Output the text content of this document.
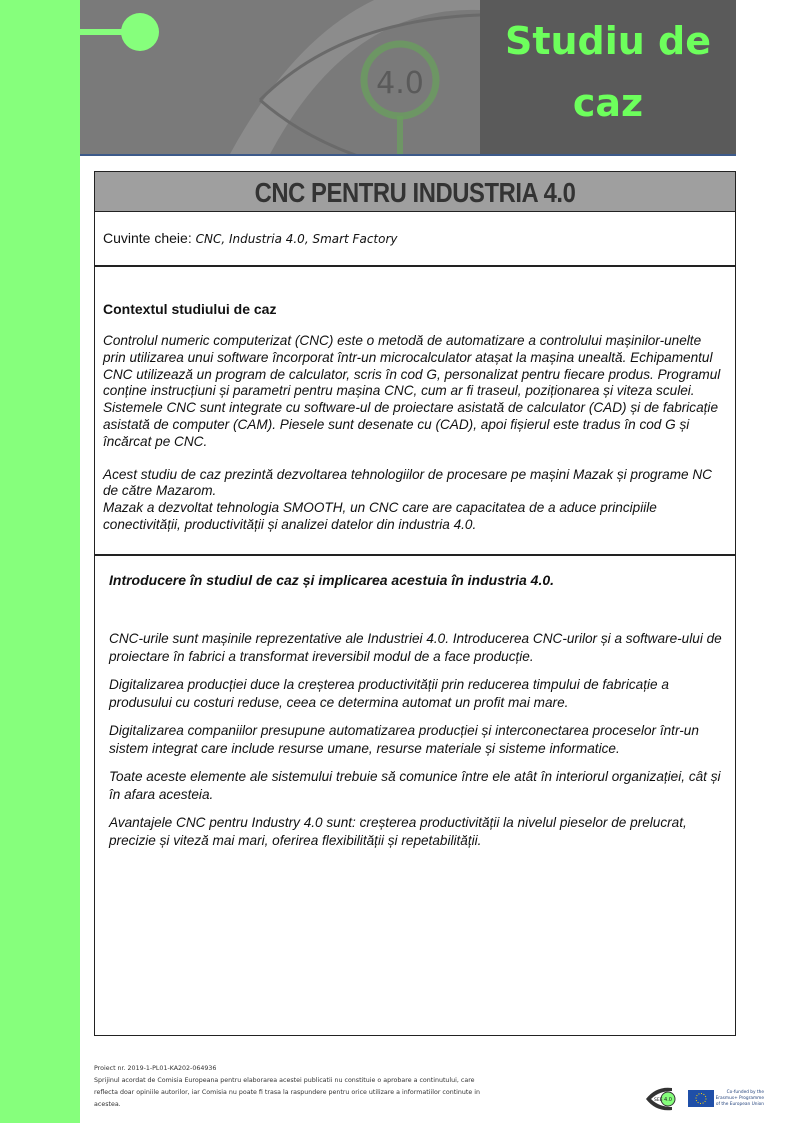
4.0
Studiu de
caz
CNC PENTRU INDUSTRIA 4.0
Cuvinte cheie: CNC, Industria 4.0, Smart Factory
Contextul studiului de caz

Controlul numeric computerizat (CNC) este o metodă de automatizare a controlului mașinilor-unelte prin utilizarea unui software încorporat într-un microcalculator atașat la mașina unealtă. Echipamentul CNC utilizează un program de calculator, scris în cod G, personalizat pentru fiecare produs. Programul conține instrucțiuni și parametri pentru mașina CNC, cum ar fi traseul, poziționarea și viteza sculei. Sistemele CNC sunt integrate cu software-ul de proiectare asistată de calculator (CAD) și de fabricație asistată de computer (CAM). Piesele sunt desenate cu (CAD), apoi fișierul este tradus în cod G și încărcat pe CNC.

Acest studiu de caz prezintă dezvoltarea tehnologiilor de procesare pe mașini Mazak și programe NC de către Mazarom.

Mazak a dezvoltat tehnologia SMOOTH, un CNC care are capacitatea de a aduce principiile conectivității, productivității și analizei datelor din industria 4.0.

Introducere în studiul de caz și implicarea acestuia în industria 4.0.

CNC-urile sunt mașinile reprezentative ale Industriei 4.0. Introducerea CNC-urilor și a software-ului de proiectare în fabrici a transformat ireversibil modul de a face producție.

Digitalizarea producției duce la creșterea productivității prin reducerea timpului de fabricație a produsului cu costuri reduse, ceea ce determina automat un profit mai mare.

Digitalizarea companiilor presupune automatizarea producției și interconectarea proceselor într-un sistem integrat care include resurse umane, resurse materiale și sisteme informatice.

Toate aceste elemente ale sistemului trebuie să comunice între ele atât în interiorul organizației, cât și în afara acesteia.

Avantajele CNC pentru Industry 4.0 sunt: creșterea productivității la nivelul pieselor de prelucrat, precizie și viteză mai mari, oferirea flexibilității și repetabilității.

Proiect nr. 2019-1-PL01-KA202-064936
Sprijinul acordat de Comisia Europeana pentru elaborarea acestei publicatii nu constituie o aprobare a continutului, care
reflecta doar opiniile autorilor, iar Comisia nu poate fi trasa la raspundere pentru orice utilizare a informatiilor continute in
acestea.
SEE 4.0
Co-funded by the
Erasmus+ Programme
of the European Union
